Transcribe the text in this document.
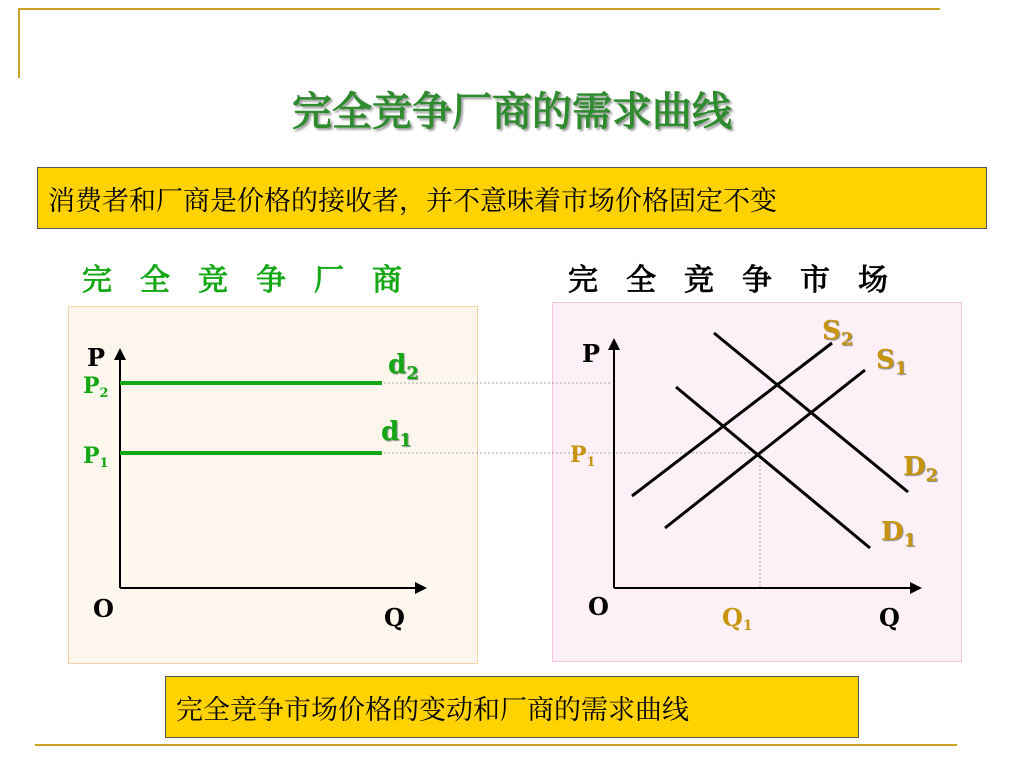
完全竞争厂商的需求曲线
消费者和厂商是价格的接收者，并不意味着市场价格固定不变
完全竞争厂商	完全竞争市场
P
O	Q
P2
P1
$d_2$
$d_1$
P
O	Q
P1
Q1
$S_2$
$S_1$
$D_2$
$D_1$
完全竞争市场价格的变动和厂商的需求曲线
